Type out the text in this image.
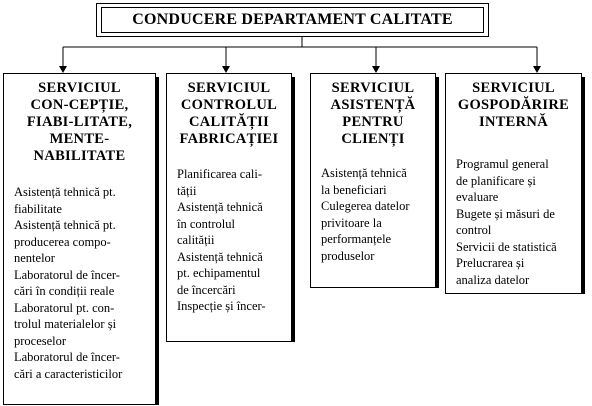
CONDUCERE DEPARTAMENT CALITATE
SERVICIUL
CON-CEPȚIE,
FIABI-LITATE,
MENTE-
NABILITATE
Asistență tehnică pt.
fiabilitate
Asistență tehnică pt.
producerea compo-
nentelor
Laboratorul de încer-
cări în condiții reale
Laboratorul pt. con-
trolul materialelor și
proceselor
Laboratorul de încer-
cări a caracteristicilor
SERVICIUL
CONTROLUL
CALITĂȚII
FABRICAȚIEI
Planificarea cali-
tății
Asistență tehnică
în controlul
calității
Asistență tehnică
pt. echipamentul
de încercări
Inspecție și încer-
SERVICIUL
ASISTENȚĂ
PENTRU
CLIENȚI
Asistență tehnică
la beneficiari
Culegerea datelor
privitoare la
performanțele
produselor
SERVICIUL
GOSPODĂRIRE
INTERNĂ
Programul general
de planificare și
evaluare
Bugete și măsuri de
control
Servicii de statistică
Prelucrarea și
analiza datelor
